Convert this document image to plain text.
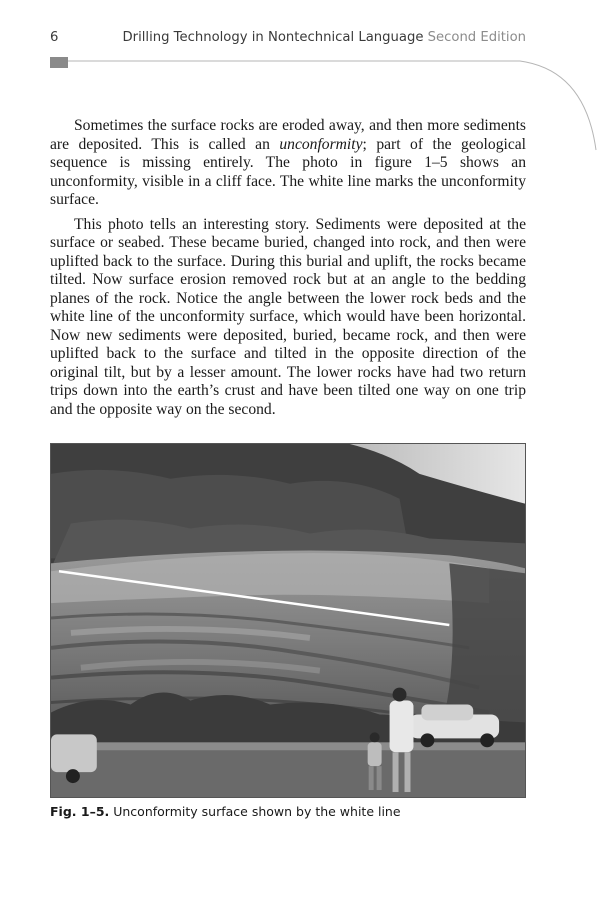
6	Drilling Technology in Nontechnical Language Second Edition

Sometimes the surface rocks are eroded away, and then more sediments are deposited. This is called an unconformity; part of the geological sequence is missing entirely. The photo in figure 1–5 shows an unconformity, visible in a cliff face. The white line marks the unconformity surface.

This photo tells an interesting story. Sediments were deposited at the surface or seabed. These became buried, changed into rock, and then were uplifted back to the surface. During this burial and uplift, the rocks became tilted. Now surface erosion removed rock but at an angle to the bedding planes of the rock. Notice the angle between the lower rock beds and the white line of the unconformity surface, which would have been horizontal. Now new sediments were deposited, buried, became rock, and then were uplifted back to the surface and tilted in the opposite direction of the original tilt, but by a lesser amount. The lower rocks have had two return trips down into the earth’s crust and have been tilted one way on one trip and the opposite way on the second.

Fig. 1–5. Unconformity surface shown by the white line
